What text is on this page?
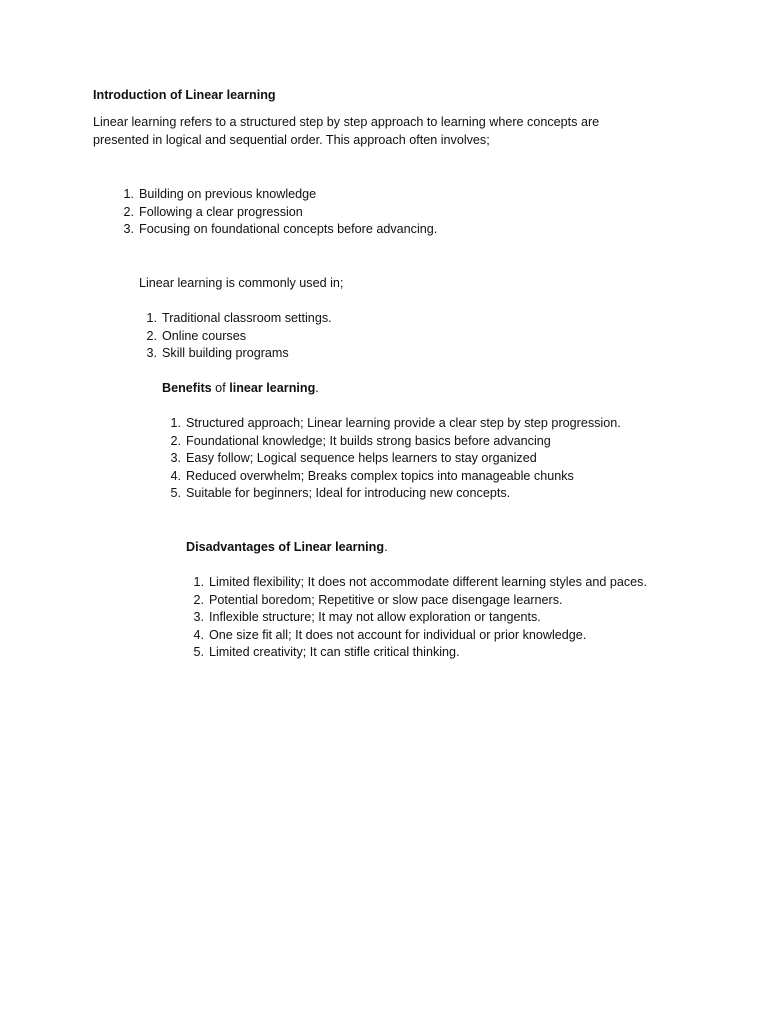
Introduction of Linear learning
Linear learning refers to a structured step by step approach to learning where concepts are presented in logical and sequential order. This approach often involves;
1. Building on previous knowledge
2. Following a clear progression
3. Focusing on foundational concepts before advancing.
Linear learning is commonly used in;
1. Traditional classroom settings.
2. Online courses
3. Skill building programs
Benefits of linear learning.
1. Structured approach; Linear learning provide a clear step by step progression.
2. Foundational knowledge; It builds strong basics before advancing
3. Easy follow; Logical sequence helps learners to stay organized
4. Reduced overwhelm; Breaks complex topics into manageable chunks
5. Suitable for beginners; Ideal for introducing new concepts.
Disadvantages of Linear learning.
1. Limited flexibility; It does not accommodate different learning styles and paces.
2. Potential boredom; Repetitive or slow pace disengage learners.
3. Inflexible structure; It may not allow exploration or tangents.
4. One size fit all; It does not account for individual or prior knowledge.
5. Limited creativity; It can stifle critical thinking.
